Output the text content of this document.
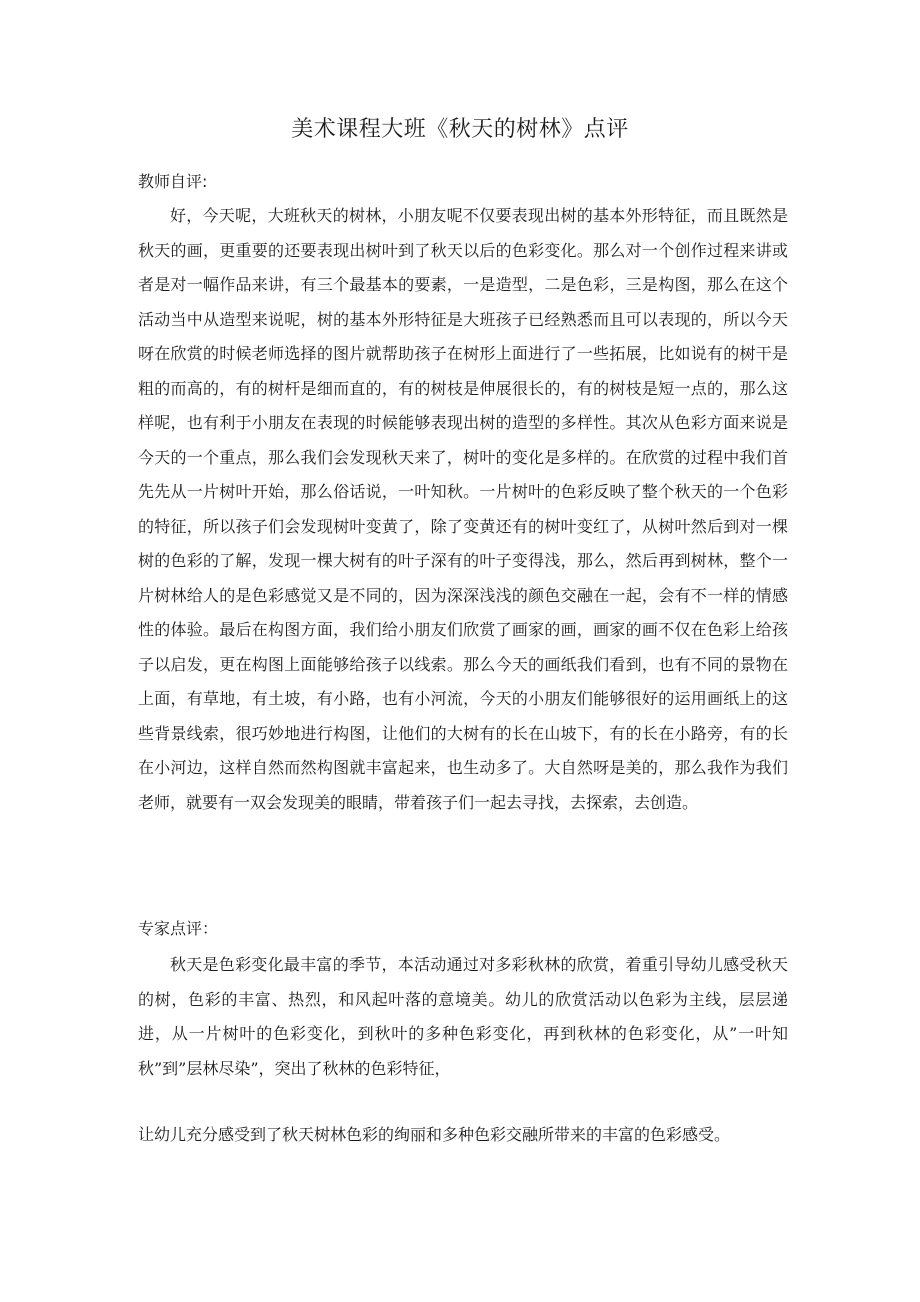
美术课程大班《秋天的树林》点评
教师自评:

好，今天呢，大班秋天的树林，小朋友呢不仅要表现出树的基本外形特征，而且既然是秋天的画，更重要的还要表现出树叶到了秋天以后的色彩变化。那么对一个创作过程来讲或者是对一幅作品来讲，有三个最基本的要素，一是造型，二是色彩，三是构图，那么在这个活动当中从造型来说呢，树的基本外形特征是大班孩子已经熟悉而且可以表现的，所以今天呀在欣赏的时候老师选择的图片就帮助孩子在树形上面进行了一些拓展，比如说有的树干是粗的而高的，有的树杆是细而直的，有的树枝是伸展很长的，有的树枝是短一点的，那么这样呢，也有利于小朋友在表现的时候能够表现出树的造型的多样性。其次从色彩方面来说是今天的一个重点，那么我们会发现秋天来了，树叶的变化是多样的。在欣赏的过程中我们首先先从一片树叶开始，那么俗话说，一叶知秋。一片树叶的色彩反映了整个秋天的一个色彩的特征，所以孩子们会发现树叶变黄了，除了变黄还有的树叶变红了，从树叶然后到对一棵树的色彩的了解，发现一棵大树有的叶子深有的叶子变得浅，那么，然后再到树林，整个一片树林给人的是色彩感觉又是不同的，因为深深浅浅的颜色交融在一起，会有不一样的情感性的体验。最后在构图方面，我们给小朋友们欣赏了画家的画，画家的画不仅在色彩上给孩子以启发，更在构图上面能够给孩子以线索。那么今天的画纸我们看到，也有不同的景物在上面，有草地，有土坡，有小路，也有小河流，今天的小朋友们能够很好的运用画纸上的这些背景线索，很巧妙地进行构图，让他们的大树有的长在山坡下，有的长在小路旁，有的长在小河边，这样自然而然构图就丰富起来，也生动多了。大自然呀是美的，那么我作为我们老师，就要有一双会发现美的眼睛，带着孩子们一起去寻找，去探索，去创造。

专家点评：

秋天是色彩变化最丰富的季节，本活动通过对多彩秋林的欣赏，着重引导幼儿感受秋天的树，色彩的丰富、热烈，和风起叶落的意境美。幼儿的欣赏活动以色彩为主线，层层递进，从一片树叶的色彩变化，到秋叶的多种色彩变化，再到秋林的色彩变化，从”一叶知秋”到”层林尽染”，突出了秋林的色彩特征，

让幼儿充分感受到了秋天树林色彩的绚丽和多种色彩交融所带来的丰富的色彩感受。
